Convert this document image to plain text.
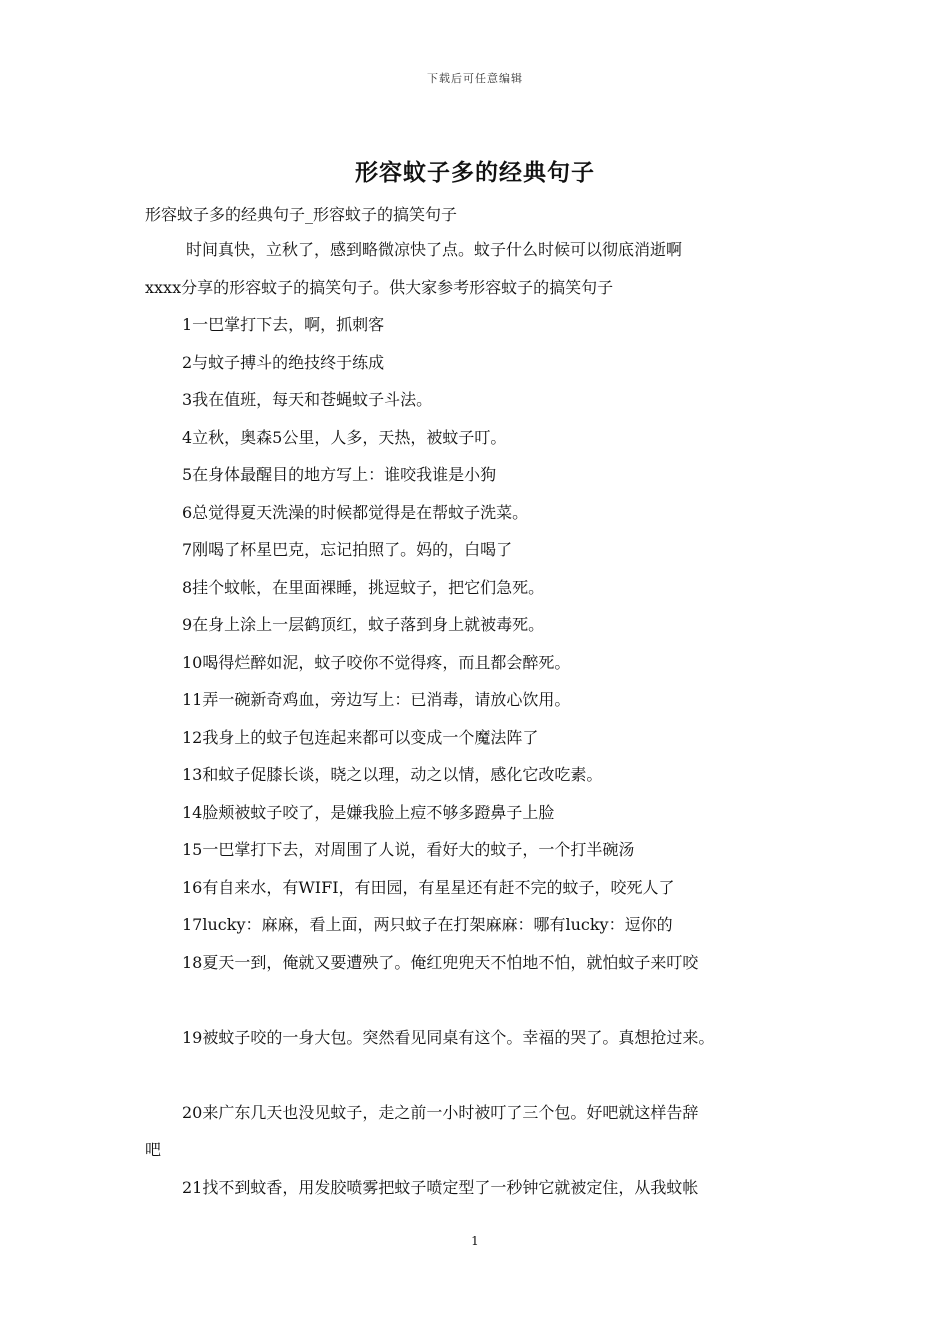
下载后可任意编辑
形容蚊子多的经典句子
形容蚊子多的经典句子_形容蚊子的搞笑句子
时间真快，立秋了，感到略微凉快了点。蚊子什么时候可以彻底消逝啊
xxxx分享的形容蚊子的搞笑句子。供大家参考形容蚊子的搞笑句子
1一巴掌打下去，啊，抓刺客
2与蚊子搏斗的绝技终于练成
3我在值班，每天和苍蝇蚊子斗法。
4立秋，奥森5公里，人多，天热，被蚊子叮。
5在身体最醒目的地方写上：谁咬我谁是小狗
6总觉得夏天洗澡的时候都觉得是在帮蚊子洗菜。
7刚喝了杯星巴克，忘记拍照了。妈的，白喝了
8挂个蚊帐，在里面裸睡，挑逗蚊子，把它们急死。
9在身上涂上一层鹤顶红，蚊子落到身上就被毒死。
10喝得烂醉如泥，蚊子咬你不觉得疼，而且都会醉死。
11弄一碗新奇鸡血，旁边写上：已消毒，请放心饮用。
12我身上的蚊子包连起来都可以变成一个魔法阵了
13和蚊子促膝长谈，晓之以理，动之以情，感化它改吃素。
14脸颊被蚊子咬了，是嫌我脸上痘不够多蹬鼻子上脸
15一巴掌打下去，对周围了人说，看好大的蚊子，一个打半碗汤
16有自来水，有WIFI，有田园，有星星还有赶不完的蚊子，咬死人了
17lucky：麻麻，看上面，两只蚊子在打架麻麻：哪有lucky：逗你的
18夏天一到，俺就又要遭殃了。俺红兜兜天不怕地不怕，就怕蚊子来叮咬
19被蚊子咬的一身大包。突然看见同桌有这个。幸福的哭了。真想抢过来。
20来广东几天也没见蚊子，走之前一小时被叮了三个包。好吧就这样告辞
吧
21找不到蚊香，用发胶喷雾把蚊子喷定型了一秒钟它就被定住，从我蚊帐
1
